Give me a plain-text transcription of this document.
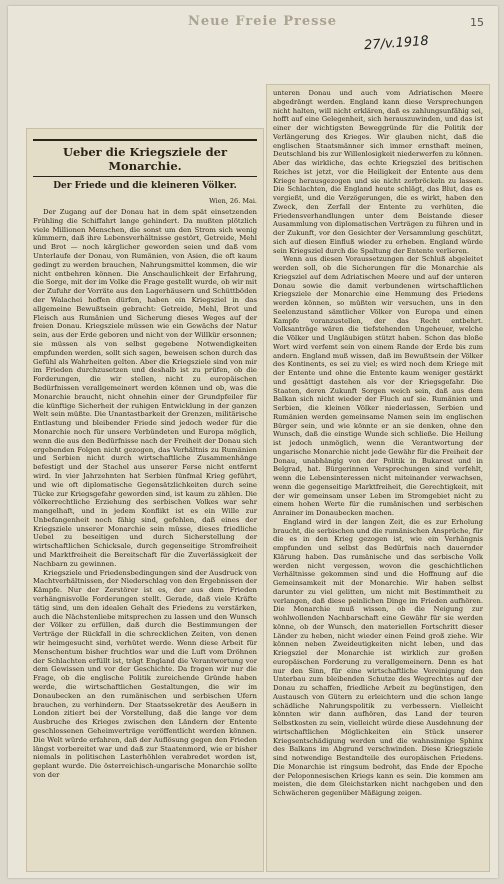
Neue Freie Presse	15
27/v.1918
Ueber die Kriegsziele der Monarchie.
Der Friede und die kleineren Völker.
Wien, 26. Mai.

Der Zugang auf der Donau hat in dem spät einsetzenden Frühling die Schiffahrt lange gehindert. Da mußten plötzlich viele Millionen Menschen, die sonst um den Strom sich wenig kümmern, daß ihre Lebensverhältnisse gestört, Getreide, Mehl und Brot — noch kärglicher geworden seien und daß vom Unterlaufe der Donau, von Rumänien, von Asien, die oft kaum gedingt zu werden brauchen, Nahrungsmittel kommen, die wir nicht entbehren können. Die Anschaulichkeit der Erfahrung, die Sorge, mit der im Volke die Frage gestellt wurde, ob wir mit der Zufuhr der Vorräte aus den Lagerhäusern und Schüttböden der Walachei hoffen dürfen, haben ein Kriegsziel in das allgemeine Bewußtsein gebracht: Getreide, Mehl, Brot und Fleisch aus Rumänien und Sicherung dieses Weges auf der freien Donau. Kriegsziele müssen wie ein Gewächs der Natur sein, aus der Erde geboren und nicht von der Willkür ersonnen; sie müssen als von selbst gegebene Notwendigkeiten empfunden werden, sollt sich sagen, beweisen schon durch das Gefühl als Wahrheiten gelten. Aber die Kriegsziele sind von mir im Frieden durchzusetzen und deshalb ist zu prüfen, ob die Forderungen, die wir stellen, nicht zu europäischen Bedürfnissen verallgemeinert werden können und ob, was die Monarchie braucht, nicht ohnehin einer der Grundpfeiler für die künftige Sicherheit der ruhigen Entwicklung in der ganzen Welt sein müßte. Die Unantastbarkeit der Grenzen, militärische Entlastung und bleibender Friede sind jedoch weder für die Monarchie noch für unsere Verbündeten und Europa möglich, wenn die aus den Bedürfnisse nach der Freiheit der Donau sich ergebenden Folgen nicht gezogen, das Verhältnis zu Rumänien und Serbien nicht durch wirtschaftliche Zusammenhänge befestigt und der Stachel aus unserer Ferse nicht entfernt wird. In vier Jahrzehnten hat Serbien fünfmal Krieg geführt, und wie oft diplomatische Gegensätzlichkeiten durch seine Tücke zur Kriegsgefahr geworden sind, ist kaum zu zählen. Die völkerrechtliche Erziehung des serbischen Volkes war sehr mangelhaft, und in jedem Konflikt ist es ein Wille zur Unbefangenheit noch fähig sind, gefehlen, daß eines der Kriegsziele unserer Monarchie sein müsse, dieses friedliche Uebel zu beseitigen und durch Sicherstellung der wirtschaftlichen Schicksale, durch gegenseitige Stromfreiheit und Marktfreiheit die Bereitschaft für die Zuverlässigkeit der Nachbarn zu gewinnen.

Kriegsziele und Friedensbedingungen sind der Ausdruck von Machtverhältnissen, der Niederschlag von den Ergebnissen der Kämpfe. Nur der Zerstörer ist es, der aus dem Frieden verhängnisvolle Forderungen stellt. Gerade, daß viele Kräfte tätig sind, um den idealen Gehalt des Friedens zu verstärken, auch die Nächstenliebe mitsprechen zu lassen und den Wunsch der Völker zu erfüllen, daß durch die Bestimmungen der Verträge der Rückfall in die schrecklichen Zeiten, von denen wir heimgesucht sind, verhütet werde. Wenn diese Arbeit für Menschentum bisher fruchtlos war und die Luft vom Dröhnen der Schlachten erfüllt ist, trägt England die Verantwortung vor dem Gewissen und vor der Geschichte. Da fragen wir nur die Frage, ob die englische Politik zureichende Gründe haben werde, die wirtschaftlichen Gestaltungen, die wir im Donaubecken an den rumänischen und serbischen Ufern brauchen, zu verhindern. Der Staatssekretär des Aeußern in London zitiert bei der Vorstellung, daß die lange vor dem Ausbruche des Krieges zwischen den Ländern der Entente geschlossenen Geheimverträge veröffentlicht werden können. Die Welt würde erfahren, daß der Auflösung gegen den Frieden längst vorbereitet war und daß zur Staatenmord, wie er bisher niemals in politischen Lasterhöhlen verabredet worden ist, geplant wurde. Die österreichisch-ungarische Monarchie sollte von der

unteren Donau und auch vom Adriatischen Meere abgedrängt werden. England kann diese Versprechungen nicht halten, will nicht erklären, daß es zahlungsunfähig sei, hofft auf eine Gelegenheit, sich herauszuwinden, und das ist einer der wichtigsten Beweggründe für die Politik der Verlängerung des Krieges. Wir glauben nicht, daß die englischen Staatsmänner sich immer ernsthaft meinen, Deutschland bis zur Willenlosigkeit niederwerfen zu können. Aber das wirkliche, das echte Kriegsziel des britischen Reiches ist jetzt, vor die Heiligkeit der Entente aus dem Kriege herausgezogen und sie nicht zerbröckeln zu lassen. Die Schlachten, die England heute schlägt, das Blut, das es vergießt, und die Verzögerungen, die es wirkt, haben den Zweck, den Zerfall der Entente zu verhüten, die Friedensverhandlungen unter dem Beistande dieser Ausammlung von diplomatischen Verträgen zu führen und in der Zukunft, vor den Gesichter der Versammlung geschützt, sich auf diesen Einfluß wieder zu erheben. England würde sein Kriegsziel durch die Spaltung der Entente verlieren.

Wenn aus diesen Voraussetzungen der Schluß abgeleitet werden soll, ob die Sicherungen für die Monarchie als Kriegsziel auf dem Adriatischen Meere und auf der unteren Donau sowie die damit verbundenen wirtschaftlichen Kriegsziele der Monarchie eine Hemmung des Friedens werden können, so müßten wir versuchen, uns in den Seelenzustand sämtlicher Völker von Europa und einen Kampfe voranzustellen, der das Recht entbehrt. Volksanträge wären die tiefstehenden Ungeheuer, welche die Völker und Ungläubigen stützt haben. Schon das bloße Wort wird verfemt sein von einem Rande der Erde bis zum andern. England muß wissen, daß im Bewußtsein der Völker des Kontinents, es sei zu viel; es wird noch dem Kriege mit der Entente und ohne die Entente kaum weniger gestärkt und gesättigt dastehen als vor der Kriegsgefahr. Die Staaten, deren Zukunft Sorgen weich sein, daß aus dem Balkan sich nicht wieder der Fluch auf sie. Rumänien und Serbien, die kleinen Völker niederlassen, Serbien und Rumänien werden gemeinsame Namen sein im englischen Bürger sein, und wie könnte er an sie denken, ohne den Wunsch, daß die einstige Wunde sich schließe. Die Heilung ist jedoch unmöglich, wenn die Verantwortung der ungarische Monarchie nicht jede Gewähr für die Freiheit der Donau, unabhängig von der Politik in Bukarest und in Belgrad, hat. Bürgerinnen Versprechungen sind verfehlt, wenn die Lebensinteressen nicht miteinander verwachsen, wenn die gegenseitige Marktfreiheit, die Gerechtigkeit, mit der wir gemeinsam unser Leben im Stromgebiet nicht zu einem hohen Werte für die rumänischen und serbischen Anrainer im Donaubecken machen.

England wird in der langen Zeit, die es zur Erholung braucht, die serbischen und die rumänischen Ansprüche, für die es in den Krieg gezogen ist, wie ein Verhängnis empfunden und selbst das Bedürfnis nach dauernder Klärung haben. Das rumänische und das serbische Volk werden nicht vergessen, wovon die geschichtlichen Verhältnisse gekommen sind und die Hoffnung auf die Gemeinsamkeit mit der Monarchie. Wir haben selbst darunter zu viel gelitten, um nicht mit Bestimmtheit zu verlangen, daß diese peinlichen Dinge im Frieden aufhören. Die Monarchie muß wissen, ob die Neigung zur wohlwollenden Nachbarschaft eine Gewähr für sie werden könne, ob der Wunsch, den materiellen Fortschritt dieser Länder zu heben, nicht wieder einen Feind groß ziehe. Wir können neben Zweideutigkeiten nicht leben, und das Kriegsziel der Monarchie ist wirklich zur großen europäischen Forderung zu verallgemeinern. Denn es hat nur den Sinn, für eine wirtschaftliche Vereinigung den Unterbau zum bleibenden Schutze des Wegrechtes auf der Donau zu schaffen, friedliche Arbeit zu begünstigen, den Austausch von Gütern zu erleichtern und die schon lange schädliche Nahrungspolitik zu verbessern. Vielleicht könnten wir dann aufhören, das Land der teuren Selbstkosten zu sein, vielleicht würde diese Ausdehnung der wirtschaftlichen Möglichkeiten ein Stück unserer Kriegsentschädigung werden und die wahnsinnige Sphinx des Balkans im Abgrund verschwinden. Diese Kriegsziele sind notwendige Bestandteile des europäischen Friedens. Die Monarchie ist ringsum bedroht, das Ende der Epoche der Peloponnesischen Kriegs kann es sein. Die kommen am meisten, die dem Gleichstarken nicht nachgeben und den Schwächeren gegenüber Mäßigung zeigen.
